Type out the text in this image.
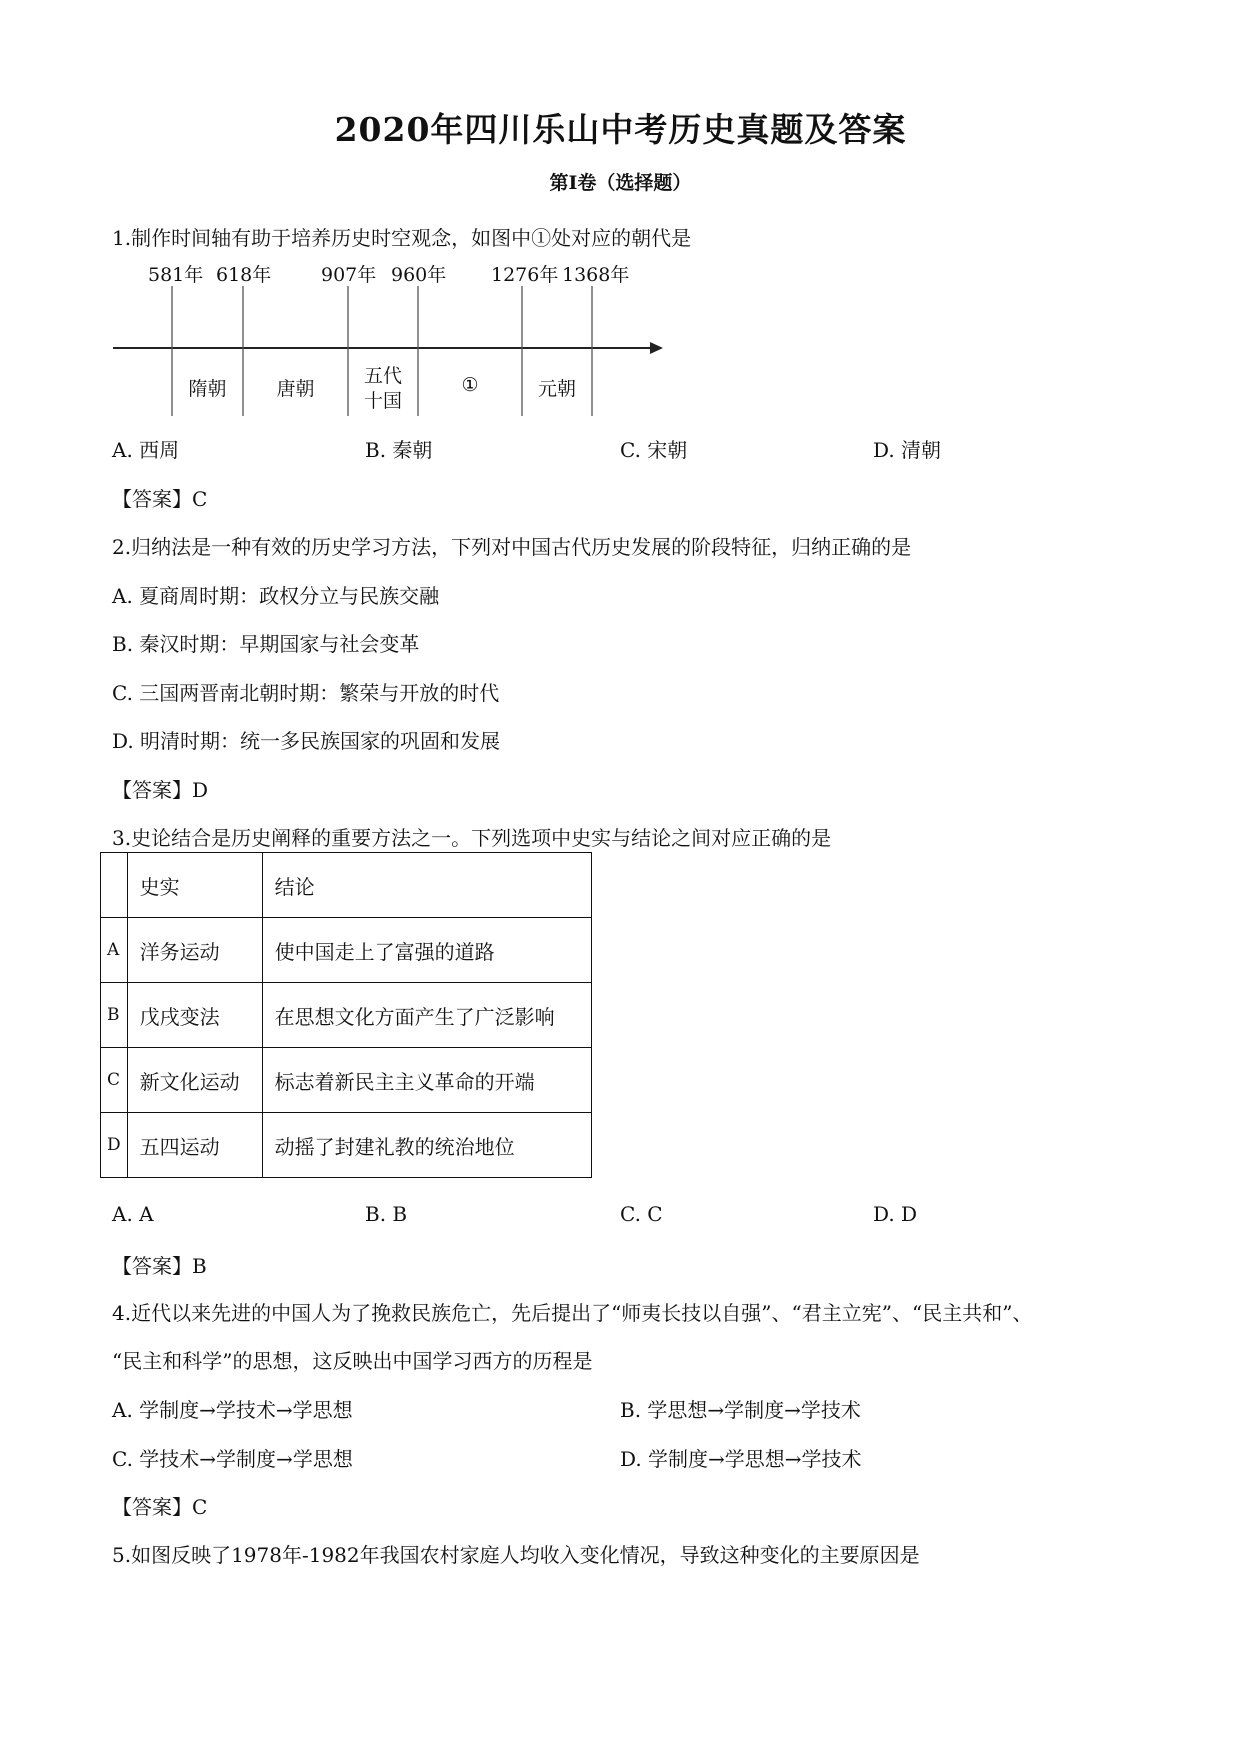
2020年四川乐山中考历史真题及答案
第Ⅰ卷（选择题）
1.制作时间轴有助于培养历史时空观念，如图中①处对应的朝代是
581年 618年	907年 960年 1276年 1368年
隋朝	唐朝
五代
十国
①	元朝
A. 西周	B. 秦朝	C. 宋朝	D. 清朝
【答案】C
2.归纳法是一种有效的历史学习方法，下列对中国古代历史发展的阶段特征，归纳正确的是
A. 夏商周时期：政权分立与民族交融
B. 秦汉时期：早期国家与社会变革
C. 三国两晋南北朝时期：繁荣与开放的时代
D. 明清时期：统一多民族国家的巩固和发展
【答案】D
3.史论结合是历史阐释的重要方法之一。下列选项中史实与结论之间对应正确的是
	史实	结论
A	洋务运动	使中国走上了富强的道路
B	戊戌变法	在思想文化方面产生了广泛影响
C	新文化运动	标志着新民主主义革命的开端
D	五四运动	动摇了封建礼教的统治地位
A. A	B. B	C. C	D. D
【答案】B
4.近代以来先进的中国人为了挽救民族危亡，先后提出了“师夷长技以自强”、“君主立宪”、“民主共和”、
“民主和科学”的思想，这反映出中国学习西方的历程是
A. 学制度→学技术→学思想	B. 学思想→学制度→学技术
C. 学技术→学制度→学思想	D. 学制度→学思想→学技术
【答案】C
5.如图反映了1978年-1982年我国农村家庭人均收入变化情况，导致这种变化的主要原因是
